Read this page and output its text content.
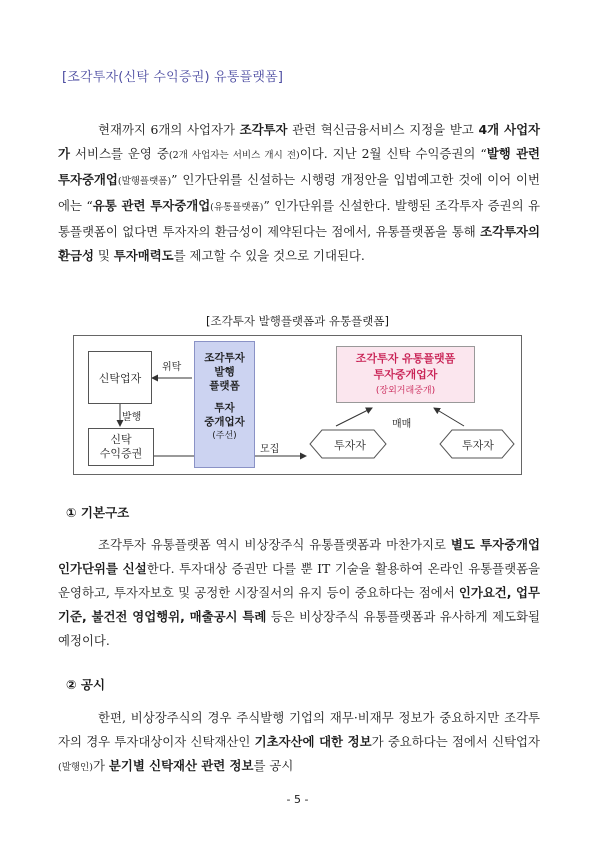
[조각투자(신탁 수익증권) 유통플랫폼]
현재까지 6개의 사업자가 조각투자 관련 혁신금융서비스 지정을 받고 4개 사업자가 서비스를 운영 중(2개 사업자는 서비스 개시 전)이다. 지난 2월 신탁 수익증권의 “발행 관련 투자중개업(발행플랫폼)” 인가단위를 신설하는 시행령 개정안을 입법예고한 것에 이어 이번에는 “유통 관련 투자중개업(유통플랫폼)” 인가단위를 신설한다. 발행된 조각투자 증권의 유통플랫폼이 없다면 투자자의 환금성이 제약된다는 점에서, 유통플랫폼을 통해 조각투자의 환금성 및 투자매력도를 제고할 수 있을 것으로 기대된다.
[조각투자 발행플랫폼과 유통플랫폼]
신탁업자
신탁
수익증권
조각투자
발행
플랫폼
투자
중개업자
(주선)
조각투자 유통플랫폼
투자중개업자
(장외거래중개)
투자자	투자자
위탁
발행
모집
매매
① 기본구조
조각투자 유통플랫폼 역시 비상장주식 유통플랫폼과 마찬가지로 별도 투자중개업 인가단위를 신설한다. 투자대상 증권만 다를 뿐 IT 기술을 활용하여 온라인 유통플랫폼을 운영하고, 투자자보호 및 공정한 시장질서의 유지 등이 중요하다는 점에서 인가요건, 업무기준, 불건전 영업행위, 매출공시 특례 등은 비상장주식 유통플랫폼과 유사하게 제도화될 예정이다.
② 공시
한편, 비상장주식의 경우 주식발행 기업의 재무·비재무 정보가 중요하지만 조각투자의 경우 투자대상이자 신탁재산인 기초자산에 대한 정보가 중요하다는 점에서 신탁업자(발행인)가 분기별 신탁재산 관련 정보를 공시
- 5 -
